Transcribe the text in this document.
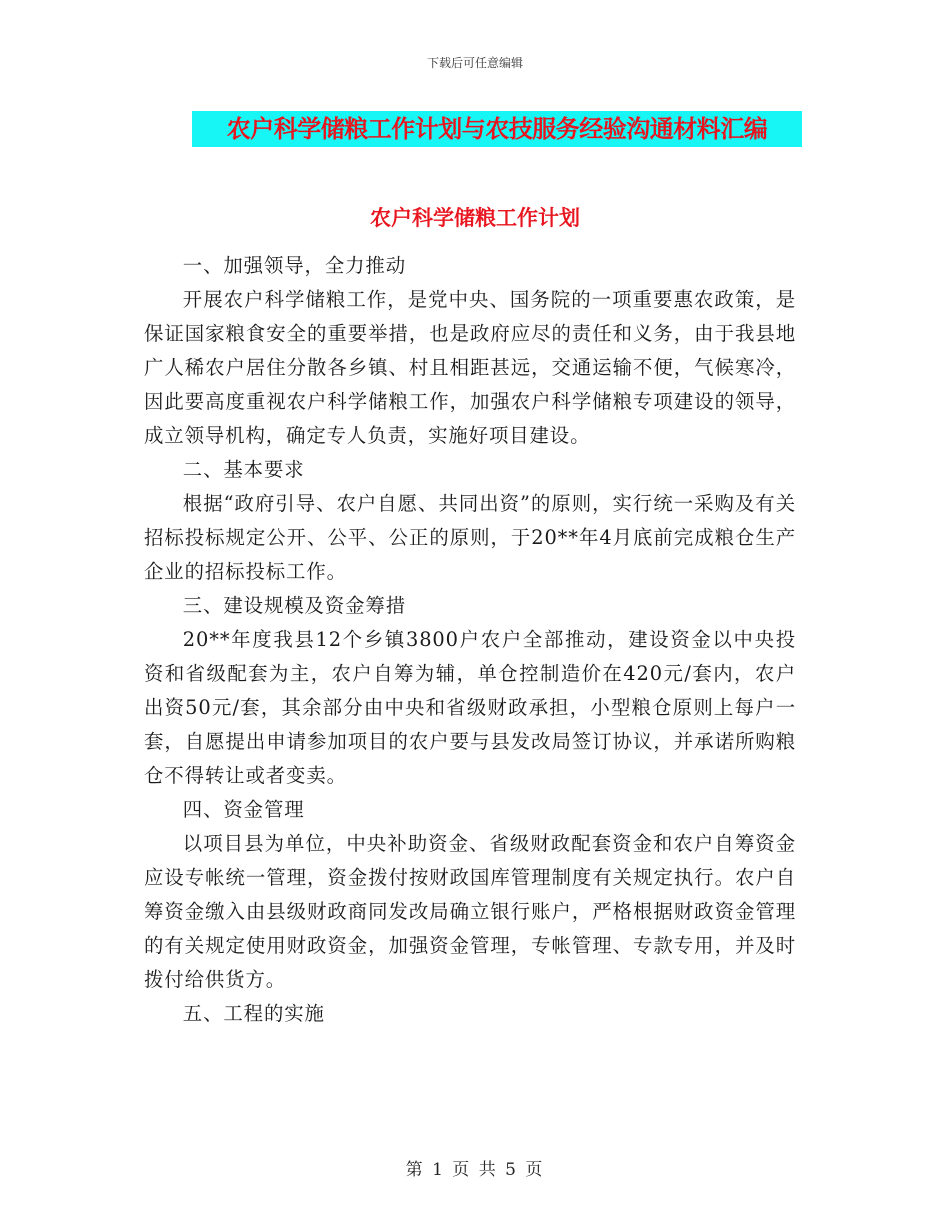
下载后可任意编辑
农户科学储粮工作计划与农技服务经验沟通材料汇编
农户科学储粮工作计划

一、加强领导，全力推动

开展农户科学储粮工作，是党中央、国务院的一项重要惠农政策，是保证国家粮食安全的重要举措，也是政府应尽的责任和义务，由于我县地广人稀农户居住分散各乡镇、村且相距甚远，交通运输不便，气候寒冷，因此要高度重视农户科学储粮工作，加强农户科学储粮专项建设的领导，成立领导机构，确定专人负责，实施好项目建设。

二、基本要求

根据“政府引导、农户自愿、共同出资”的原则，实行统一采购及有关招标投标规定公开、公平、公正的原则，于20**年4月底前完成粮仓生产企业的招标投标工作。

三、建设规模及资金筹措

20**年度我县12个乡镇3800户农户全部推动，建设资金以中央投资和省级配套为主，农户自筹为辅，单仓控制造价在420元/套内，农户出资50元/套，其余部分由中央和省级财政承担，小型粮仓原则上每户一套，自愿提出申请参加项目的农户要与县发改局签订协议，并承诺所购粮仓不得转让或者变卖。

四、资金管理

以项目县为单位，中央补助资金、省级财政配套资金和农户自筹资金应设专帐统一管理，资金拨付按财政国库管理制度有关规定执行。农户自筹资金缴入由县级财政商同发改局确立银行账户，严格根据财政资金管理的有关规定使用财政资金，加强资金管理，专帐管理、专款专用，并及时拨付给供货方。

五、工程的实施

第 1 页 共 5 页
